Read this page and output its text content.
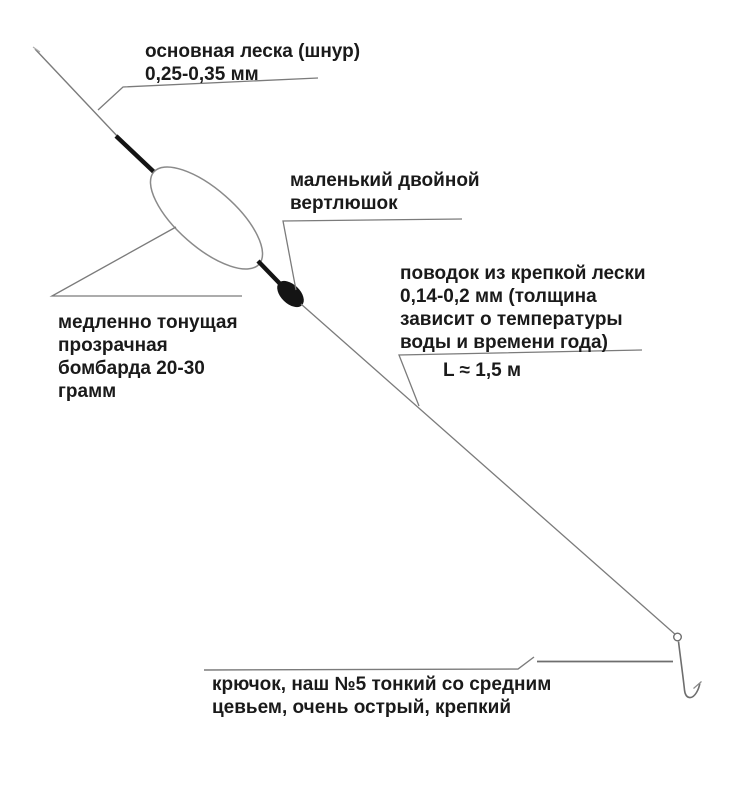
основная леска (шнур)
0,25-0,35 мм
маленький двойной
вертлюшок
поводок из крепкой лески
0,14-0,2 мм (толщина
зависит о температуры
воды и времени года)
L ≈ 1,5 м
медленно тонущая
прозрачная
бомбарда 20-30
грамм
крючок, наш №5 тонкий со средним
цевьем, очень острый, крепкий
